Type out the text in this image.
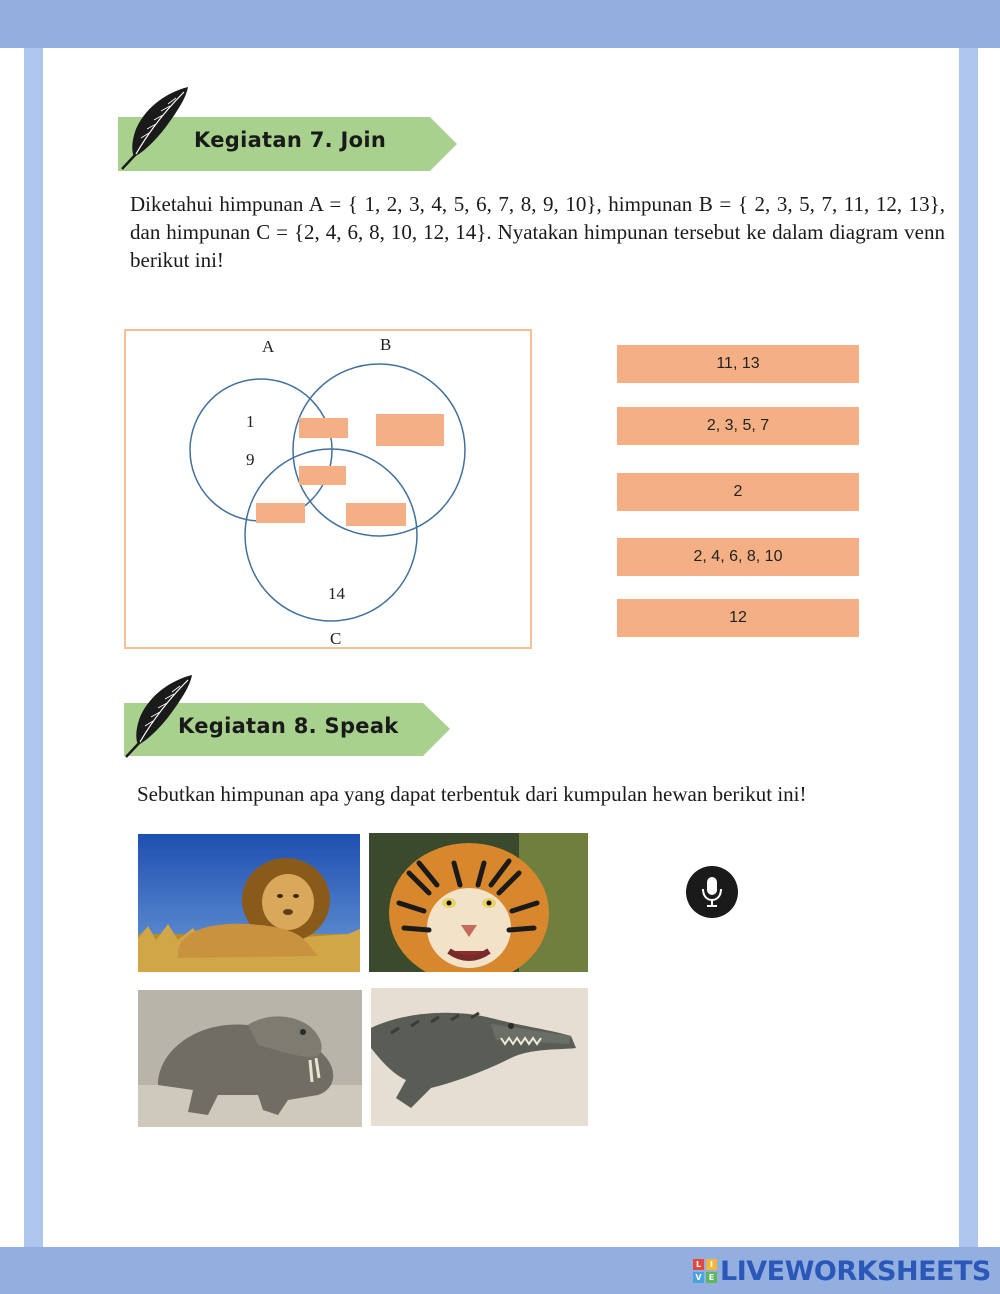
Kegiatan 7. Join
Diketahui himpunan A = { 1, 2, 3, 4, 5, 6, 7, 8, 9, 10}, himpunan B = { 2, 3, 5, 7, 11, 12, 13}, dan himpunan C = {2, 4, 6, 8, 10, 12, 14}. Nyatakan himpunan tersebut ke dalam diagram venn berikut ini!
A	B
C
1
9
14
11, 13
2, 3, 5, 7
2
2, 4, 6, 8, 10
12
Kegiatan 8. Speak
Sebutkan himpunan apa yang dapat terbentuk dari kumpulan hewan berikut ini!
L	I
V E LIVEWORKSHEETS
